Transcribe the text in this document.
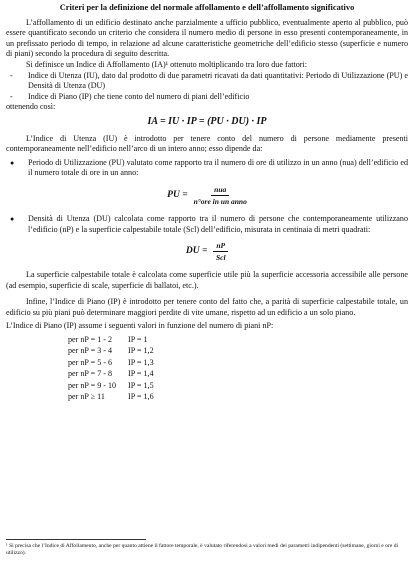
Criteri per la definizione del normale affollamento e dell’affollamento significativo

L’affollamento di un edificio destinato anche parzialmente a ufficio pubblico, eventualmente aperto al pubblico, può essere quantificato secondo un criterio che considera il numero medio di persone in esso presenti contemporaneamente, in un prefissato periodo di tempo, in relazione ad alcune caratteristiche geometriche dell’edificio stesso (superficie e numero di piani) secondo la procedura di seguito descritta.

Si definisce un Indice di Affollamento (IA)¹ ottenuto moltiplicando tra loro due fattori:

-	Indice di Utenza (IU), dato dal prodotto di due parametri ricavati da dati quantitativi: Periodo di Utilizzazione (PU) e Densità di Utenza (DU)
-	Indice di Piano (IP) che tiene conto del numero di piani dell’edificio

ottenendo così:

IA = IU · IP = (PU · DU) · IP

L’Indice di Utenza (IU) è introdotto per tenere conto del numero di persone mediamente presenti contemporaneamente nell’edificio nell’arco di un intero anno; esso dipende da:

●	Periodo di Utilizzazione (PU) valutato come rapporto tra il numero di ore di utilizzo in un anno (nua) dell’edificio ed il numero totale di ore in un anno:
PU = $\frac{\text{nua}}{\text{n°ore in un anno}}$
●	Densità di Utenza (DU) calcolata come rapporto tra il numero di persone che contemporaneamente utilizzano l’edificio (nP) e la superficie calpestabile totale (Scl) dell’edificio, misurata in centinaia di metri quadrati:
DU = $\frac{nP}{\text{Scl}}$

La superficie calpestabile totale è calcolata come superficie utile più la superficie accessoria accessibile alle persone (ad esempio, superficie di scale, superficie di ballatoi, etc.).

Infine, l’Indice di Piano (IP) è introdotto per tenere conto del fatto che, a parità di superficie calpestabile totale, un edificio su più piani può determinare maggiori perdite di vite umane, rispetto ad un edificio a un solo piano.

L’Indice di Piano (IP) assume i seguenti valori in funzione del numero di piani nP:

per nP = 1 - 2	IP = 1
per nP = 3 - 4	IP = 1,2
per nP = 5 - 6	IP = 1,3
per nP = 7 - 8	IP = 1,4
per nP = 9 - 10	IP = 1,5
per nP ≥ 11	IP = 1,6
¹ Si precisa che l’Indice di Affollamento, anche per quanto attiene il fattore temporale, è valutato riferendosi a valori medi dei parametri indipendenti (settimane, giorni e ore di utilizzo).
